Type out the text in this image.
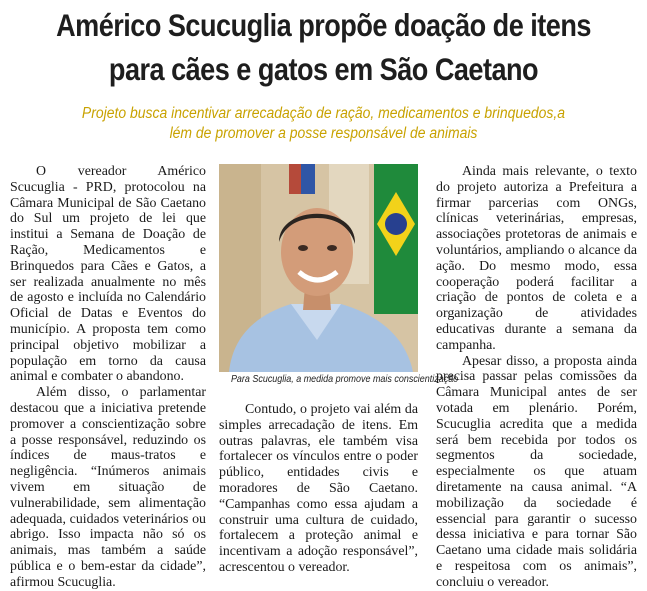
Américo Scucuglia propõe doação de itens
para cães e gatos em São Caetano
Projeto busca incentivar arrecadação de ração, medicamentos e brinquedos,a
lém de promover a posse responsável de animais

O vereador Américo Scucuglia - PRD, protocolou na Câmara Municipal de São Caetano do Sul um projeto de lei que institui a Semana de Doação de Ração, Medicamentos e Brinquedos para Cães e Gatos, a ser realizada anualmente no mês de agosto e incluída no Calendário Oficial de Datas e Eventos do município. A proposta tem como principal objetivo mobilizar a população em torno da causa animal e combater o abandono.

Além disso, o parlamentar destacou que a iniciativa pretende promover a conscientização sobre a posse responsável, reduzindo os índices de maus-tratos e negligência. “Inúmeros animais vivem em situação de vulnerabilidade, sem alimentação adequada, cuidados veterinários ou abrigo. Isso impacta não só os animais, mas também a saúde pública e o bem-estar da cidade”, afirmou Scucuglia.

Para Scucuglia, a medida promove mais conscientização

Contudo, o projeto vai além da simples arrecadação de itens. Em outras palavras, ele também visa fortalecer os vínculos entre o poder público, entidades civis e moradores de São Caetano. “Campanhas como essa ajudam a construir uma cultura de cuidado, fortalecem a proteção animal e incentivam a adoção responsável”, acrescentou o vereador.

Ainda mais relevante, o texto do projeto autoriza a Prefeitura a firmar parcerias com ONGs, clínicas veterinárias, empresas, associações protetoras de animais e voluntários, ampliando o alcance da ação. Do mesmo modo, essa cooperação poderá facilitar a criação de pontos de coleta e a organização de atividades educativas durante a semana da campanha.

Apesar disso, a proposta ainda precisa passar pelas comissões da Câmara Municipal antes de ser votada em plenário. Porém, Scucuglia acredita que a medida será bem recebida por todos os segmentos da sociedade, especialmente os que atuam diretamente na causa animal. “A mobilização da sociedade é essencial para garantir o sucesso dessa iniciativa e para tornar São Caetano uma cidade mais solidária e respeitosa com os animais”, concluiu o vereador.
